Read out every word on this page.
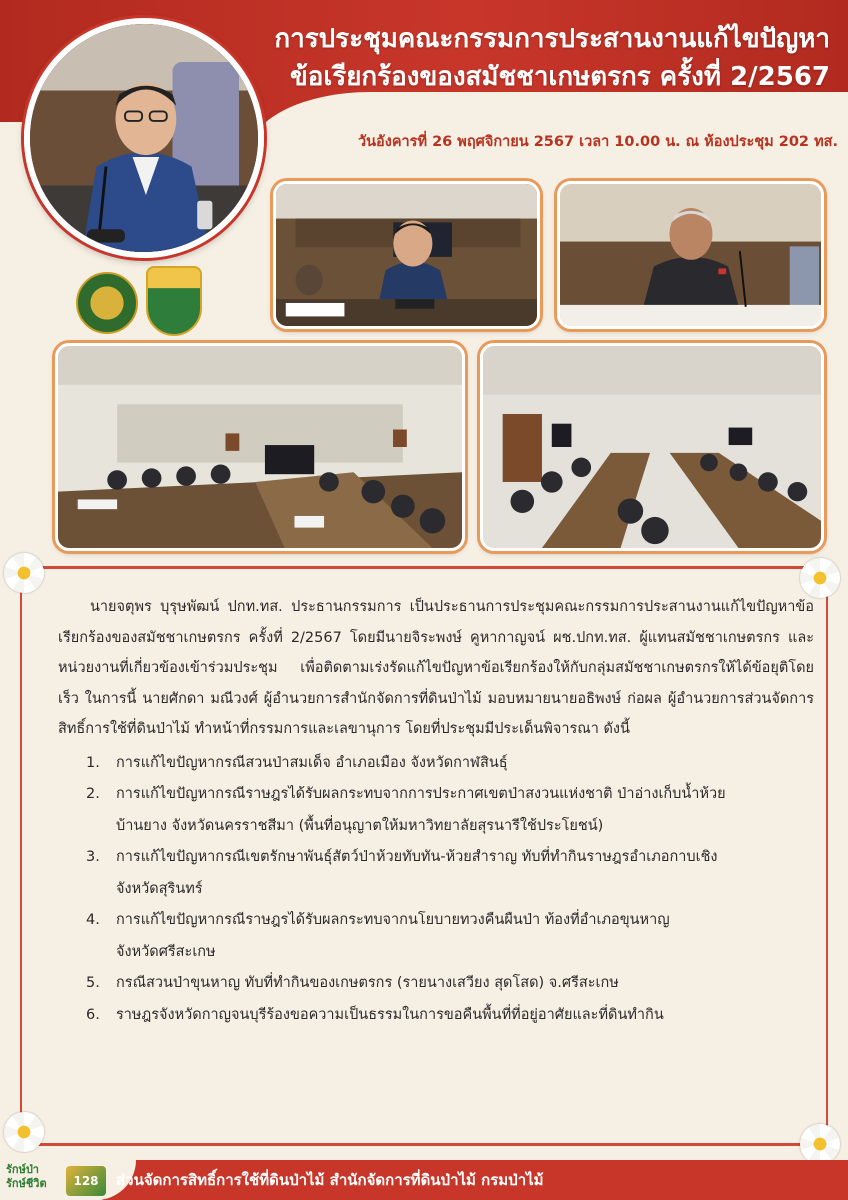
การประชุมคณะกรรมการประสานงานแก้ไขปัญหา
ข้อเรียกร้องของสมัชชาเกษตรกร ครั้งที่ 2/2567
วันอังคารที่ 26 พฤศจิกายน 2567 เวลา 10.00 น. ณ ห้องประชุม 202 ทส.

นายจตุพร บุรุษพัฒน์ ปกท.ทส. ประธานกรรมการ เป็นประธานการประชุมคณะกรรมการประสานงานแก้ไขปัญหาข้อเรียกร้องของสมัชชาเกษตรกร ครั้งที่ 2/2567 โดยมีนายจิระพงษ์ คูหากาญจน์ ผช.ปกท.ทส. ผู้แทนสมัชชาเกษตรกร และหน่วยงานที่เกี่ยวข้องเข้าร่วมประชุม เพื่อติดตามเร่งรัดแก้ไขปัญหาข้อเรียกร้องให้กับกลุ่มสมัชชาเกษตรกรให้ได้ข้อยุติโดยเร็ว ในการนี้ นายศักดา มณีวงศ์ ผู้อำนวยการสำนักจัดการที่ดินป่าไม้ มอบหมายนายอธิพงษ์ ก่อผล ผู้อำนวยการส่วนจัดการสิทธิ์การใช้ที่ดินป่าไม้ ทำหน้าที่กรรมการและเลขานุการ โดยที่ประชุมมีประเด็นพิจารณา ดังนี้

1.	การแก้ไขปัญหากรณีสวนป่าสมเด็จ อำเภอเมือง จังหวัดกาฬสินธุ์
2.	การแก้ไขปัญหากรณีราษฎรได้รับผลกระทบจากการประกาศเขตป่าสงวนแห่งชาติ ป่าอ่างเก็บน้ำห้วย
บ้านยาง จังหวัดนครราชสีมา (พื้นที่อนุญาตให้มหาวิทยาลัยสุรนารีใช้ประโยชน์)
3.	การแก้ไขปัญหากรณีเขตรักษาพันธุ์สัตว์ป่าห้วยทับทัน-ห้วยสำราญ ทับที่ทำกินราษฎรอำเภอกาบเชิง
จังหวัดสุรินทร์
4.	การแก้ไขปัญหากรณีราษฎรได้รับผลกระทบจากนโยบายทวงคืนผืนป่า ท้องที่อำเภอขุนหาญ
จังหวัดศรีสะเกษ
5.	กรณีสวนป่าขุนหาญ ทับที่ทำกินของเกษตรกร (รายนางเสวียง สุดโสด) จ.ศรีสะเกษ
6.	ราษฎรจังหวัดกาญจนบุรีร้องขอความเป็นธรรมในการขอคืนพื้นที่ที่อยู่อาศัยและที่ดินทำกิน
รักษ์ป่า
รักษ์ชีวิต	128	ส่วนจัดการสิทธิ์การใช้ที่ดินป่าไม้ สำนักจัดการที่ดินป่าไม้ กรมป่าไม้
